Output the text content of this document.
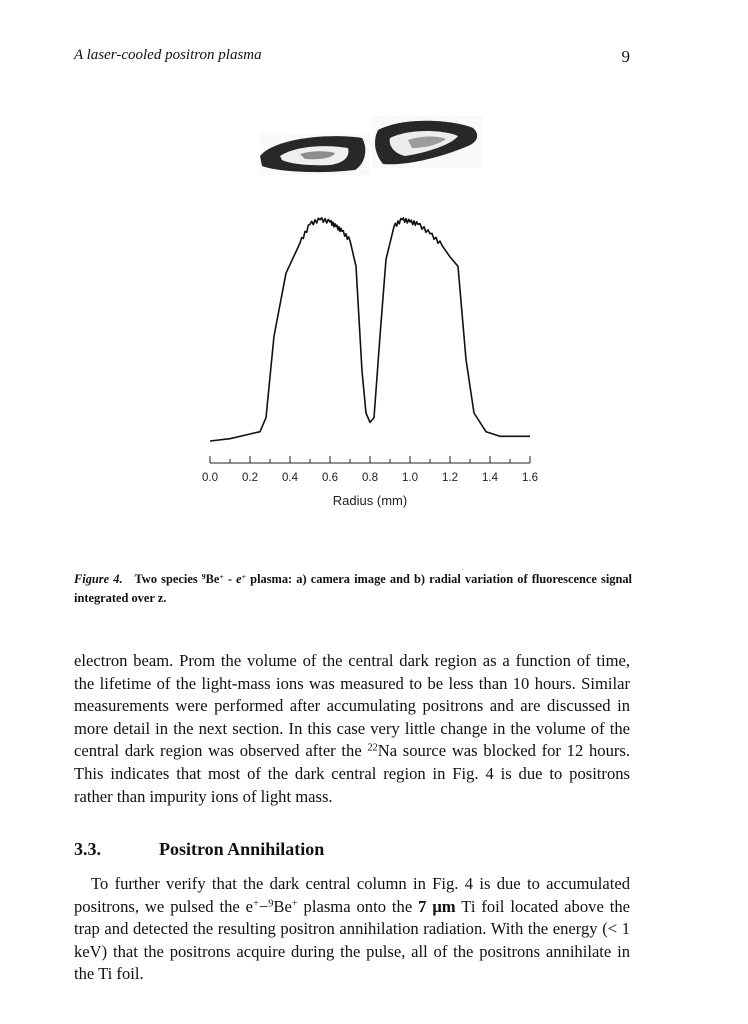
A laser-cooled positron plasma	9
0.0 0.2 0.4 0.6 0.8 1.0 1.2 1.4 1.6
Radius (mm)
Figure 4. Two species $^9$Be+ - e+ plasma: a) camera image and b) radial variation of fluorescence signal integrated over z.
electron beam. Prom the volume of the central dark region as a function of time, the lifetime of the light-mass ions was measured to be less than 10 hours. Similar measurements were performed after accumulating positrons and are discussed in more detail in the next section. In this case very little change in the volume of the central dark region was observed after the $^{22}$Na source was blocked for 12 hours. This indicates that most of the dark central region in Fig. 4 is due to positrons rather than impurity ions of light mass.
3.3.	Positron Annihilation
To further verify that the dark central column in Fig. 4 is due to accumulated positrons, we pulsed the e+−$^9$Be+ plasma onto the 7 μm Ti foil located above the trap and detected the resulting positron annihilation radiation. With the energy (< 1 keV) that the positrons acquire during the pulse, all of the positrons annihilate in the Ti foil.
